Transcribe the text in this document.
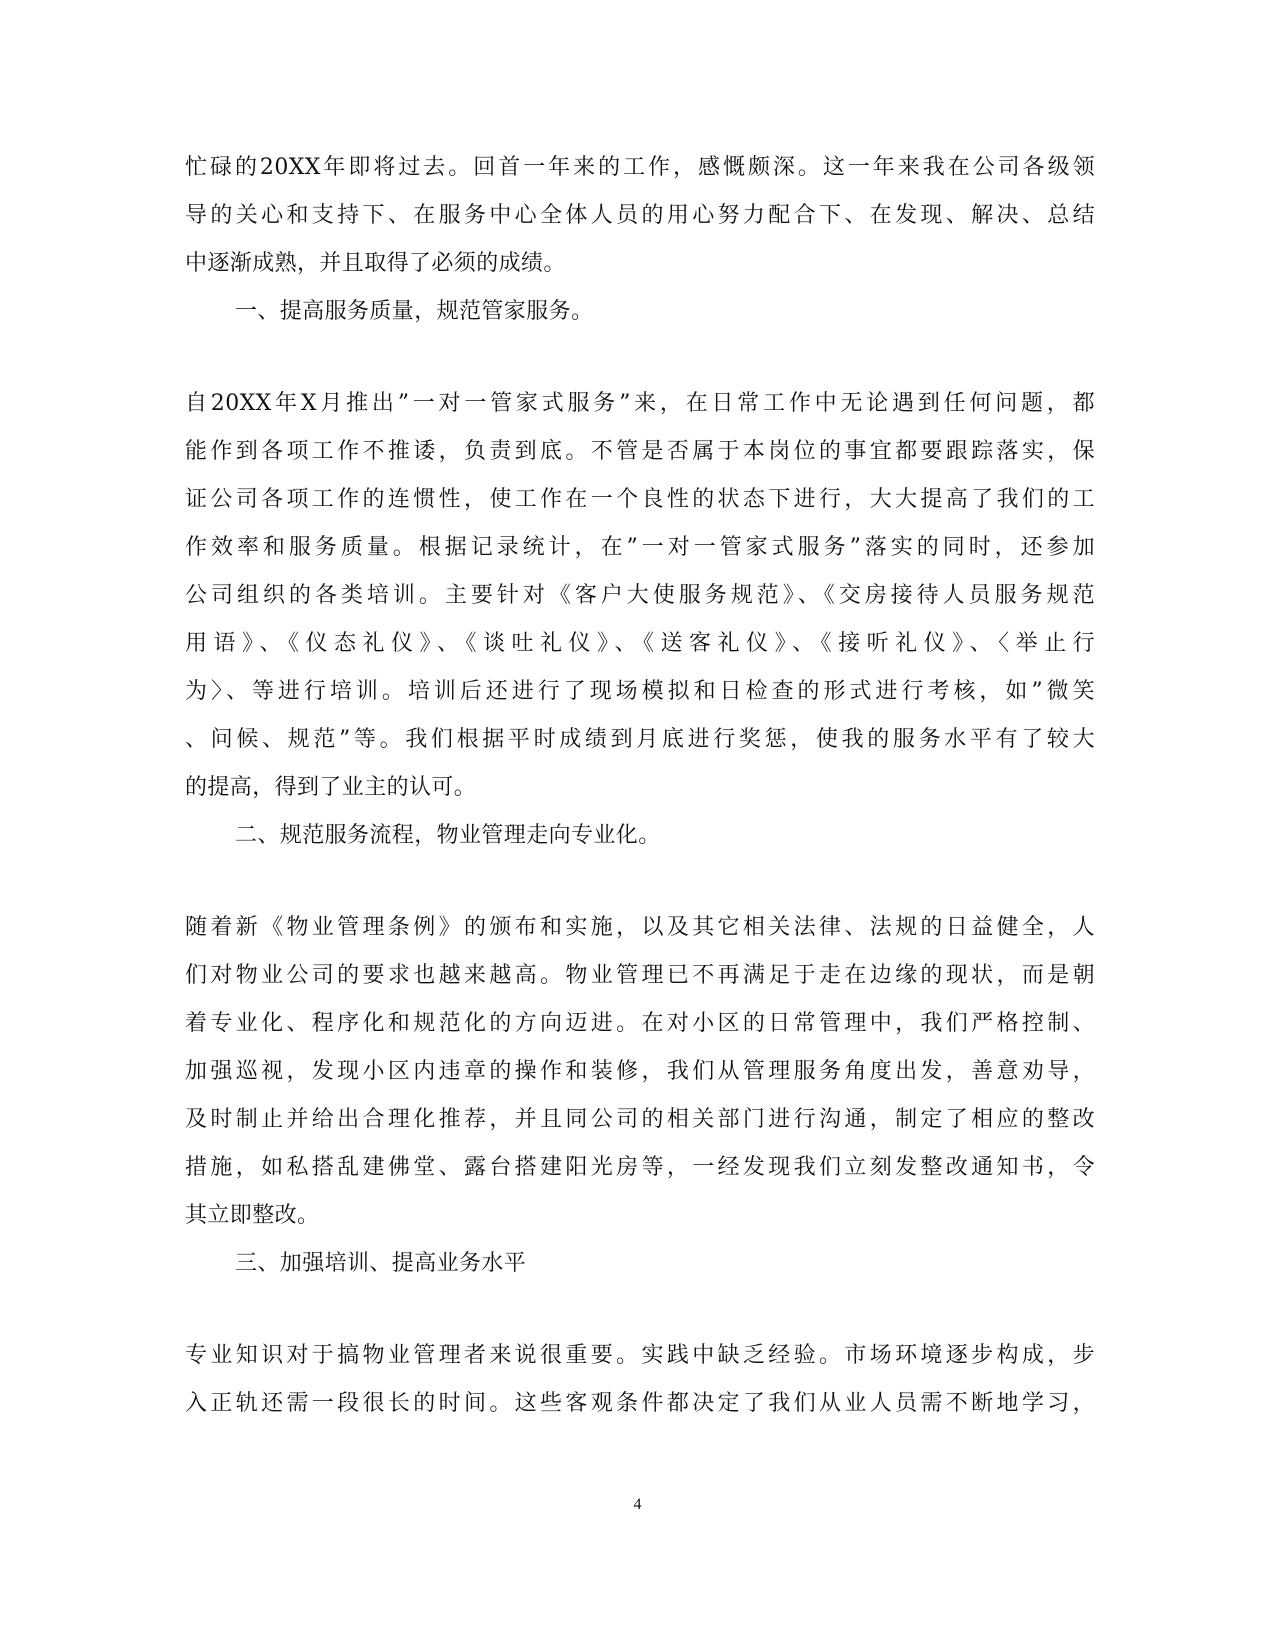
忙碌的20XX年即将过去。回首一年来的工作，感慨颇深。这一年来我在公司各级领
导的关心和支持下、在服务中心全体人员的用心努力配合下、在发现、解决、总结
中逐渐成熟，并且取得了必须的成绩。
一、提高服务质量，规范管家服务。
自20XX年X月推出”一对一管家式服务”来，在日常工作中无论遇到任何问题，都
能作到各项工作不推诿，负责到底。不管是否属于本岗位的事宜都要跟踪落实，保
证公司各项工作的连惯性，使工作在一个良性的状态下进行，大大提高了我们的工
作效率和服务质量。根据记录统计，在”一对一管家式服务”落实的同时，还参加
公司组织的各类培训。主要针对《客户大使服务规范》、《交房接待人员服务规范
用语》、《仪态礼仪》、《谈吐礼仪》、《送客礼仪》、《接听礼仪》、〈举止行
为〉、等进行培训。培训后还进行了现场模拟和日检查的形式进行考核，如”微笑
、问候、规范”等。我们根据平时成绩到月底进行奖惩，使我的服务水平有了较大
的提高，得到了业主的认可。
二、规范服务流程，物业管理走向专业化。
随着新《物业管理条例》的颁布和实施，以及其它相关法律、法规的日益健全，人
们对物业公司的要求也越来越高。物业管理已不再满足于走在边缘的现状，而是朝
着专业化、程序化和规范化的方向迈进。在对小区的日常管理中，我们严格控制、
加强巡视，发现小区内违章的操作和装修，我们从管理服务角度出发，善意劝导，
及时制止并给出合理化推荐，并且同公司的相关部门进行沟通，制定了相应的整改
措施，如私搭乱建佛堂、露台搭建阳光房等，一经发现我们立刻发整改通知书，令
其立即整改。
三、加强培训、提高业务水平
专业知识对于搞物业管理者来说很重要。实践中缺乏经验。市场环境逐步构成，步
入正轨还需一段很长的时间。这些客观条件都决定了我们从业人员需不断地学习，
4
